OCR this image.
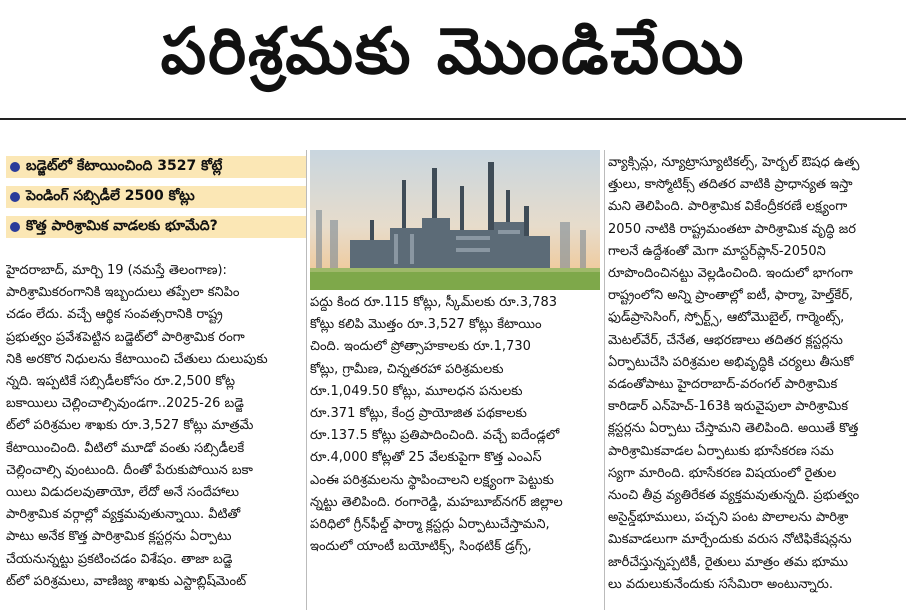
పరిశ్రమకు మొండిచేయి
బడ్జెట్‌లో కేటాయించింది 3527 కోట్లే
పెండింగ్ సబ్సిడీలే 2500 కోట్లు
కొత్త పారిశ్రామిక వాడలకు భూమేది?

హైదరాబాద్, మార్చి 19 (నమస్తే తెలంగాణ):

పారిశ్రామికరంగానికి ఇబ్బందులు తప్పేలా కనిపిం

చడం లేదు. వచ్చే ఆర్థిక సంవత్సరానికి రాష్ట్ర

ప్రభుత్వం ప్రవేశపెట్టిన బడ్జెట్‌లో పారిశ్రామిక రంగా

నికి అరకొర నిధులను కేటాయించి చేతులు దులుపుకు

న్నది. ఇప్పటికే సబ్సిడీలకోసం రూ.2,500 కోట్ల

బకాయిలు చెల్లించాల్సివుండగా..2025-26 బడ్జె

ట్‌లో పరిశ్రమల శాఖకు రూ.3,527 కోట్లు మాత్రమే

కేటాయించింది. వీటిలో మూడో వంతు సబ్సిడీలకే

చెల్లించాల్సి వుంటుంది. దీంతో పేరుకుపోయిన బకా

యిలు విడుదలవుతాయో, లేదో అనే సందేహాలు

పారిశ్రామిక వర్గాల్లో వ్యక్తమవుతున్నాయి. వీటితో

పాటు అనేక కొత్త పారిశ్రామిక క్లస్టర్లను ఏర్పాటు

చేయనున్నట్టు ప్రకటించడం విశేషం. తాజా బడ్జె

ట్‌లో పరిశ్రమలు, వాణిజ్య శాఖకు ఎస్టాబ్లిష్‌మెంట్

పద్దు కింద రూ.115 కోట్లు, స్కీమ్‌లకు రూ.3,783

కోట్లు కలిపి మొత్తం రూ.3,527 కోట్లు కేటాయిం

చింది. ఇందులో ప్రోత్సాహకాలకు రూ.1,730

కోట్లు, గ్రామీణ, చిన్నతరహా పరిశ్రమలకు

రూ.1,049.50 కోట్లు, మూలధన పనులకు

రూ.371 కోట్లు, కేంద్ర ప్రాయోజిత పథకాలకు

రూ.137.5 కోట్లు ప్రతిపాదించింది. వచ్చే ఐదేండ్లలో

రూ.4,000 కోట్లతో 25 వేలకుపైగా కొత్త ఎంఎస్

ఎంఈ పరిశ్రమలను స్థాపించాలని లక్ష్యంగా పెట్టుకు

న్నట్టు తెలిపింది. రంగారెడ్డి, మహబూబ్‌నగర్ జిల్లాల

పరిధిలో గ్రీన్‌ఫీల్డ్ ఫార్మా క్లస్టర్లు ఏర్పాటుచేస్తామని,

ఇందులో యాంటీ బయోటిక్స్, సింథటిక్ డ్రగ్స్,

వ్యాక్సిన్లు, న్యూట్రాస్యూటికల్స్, హెర్బల్ ఔషధ ఉత్ప

త్తులు, కాస్మోటిక్స్ తదితర వాటికి ప్రాధాన్యత ఇస్తా

మని తెలిపింది. పారిశ్రామిక వికేంద్రీకరణే లక్ష్యంగా

2050 నాటికి రాష్ట్రమంతటా పారిశ్రామిక వృద్ధి జర

గాలనే ఉద్దేశంతో మెగా మాస్టర్‌ప్లాన్-2050ని

రూపొందించినట్టు వెల్లడించింది. ఇందులో భాగంగా

రాష్ట్రంలోని అన్ని ప్రాంతాల్లో ఐటీ, ఫార్మా, హెల్త్‌కేర్,

ఫుడ్‌ప్రాసెసింగ్, స్పోర్ట్స్, ఆటోమొబైల్, గార్మెంట్స్,

మెటల్‌వేర్, చేనేత, ఆభరణాలు తదితర క్లస్టర్లను

ఏర్పాటుచేసి పరిశ్రమల అభివృద్ధికి చర్యలు తీసుకో

వడంతోపాటు హైదరాబాద్-వరంగల్ పారిశ్రామిక

కారిడార్ ఎన్‌హెచ్-163కి ఇరువైపులా పారిశ్రామిక

క్లస్టర్లను ఏర్పాటు చేస్తామని తెలిపింది. అయితే కొత్త

పారిశ్రామికవాడల ఏర్పాటుకు భూసేకరణ సమ

స్యగా మారింది. భూసేకరణ విషయంలో రైతుల

నుంచి తీవ్ర వ్యతిరేకత వ్యక్తమవుతున్నది. ప్రభుత్వం

అసైన్డ్‌భూములు, పచ్చని పంట పొలాలను పారిశ్రా

మికవాడలుగా మార్చేందుకు వరుస నోటిఫికేషన్లను

జారీచేస్తున్నప్పటికీ, రైతులు మాత్రం తమ భూము

లు వదులుకునేందుకు ససేమిరా అంటున్నారు.
